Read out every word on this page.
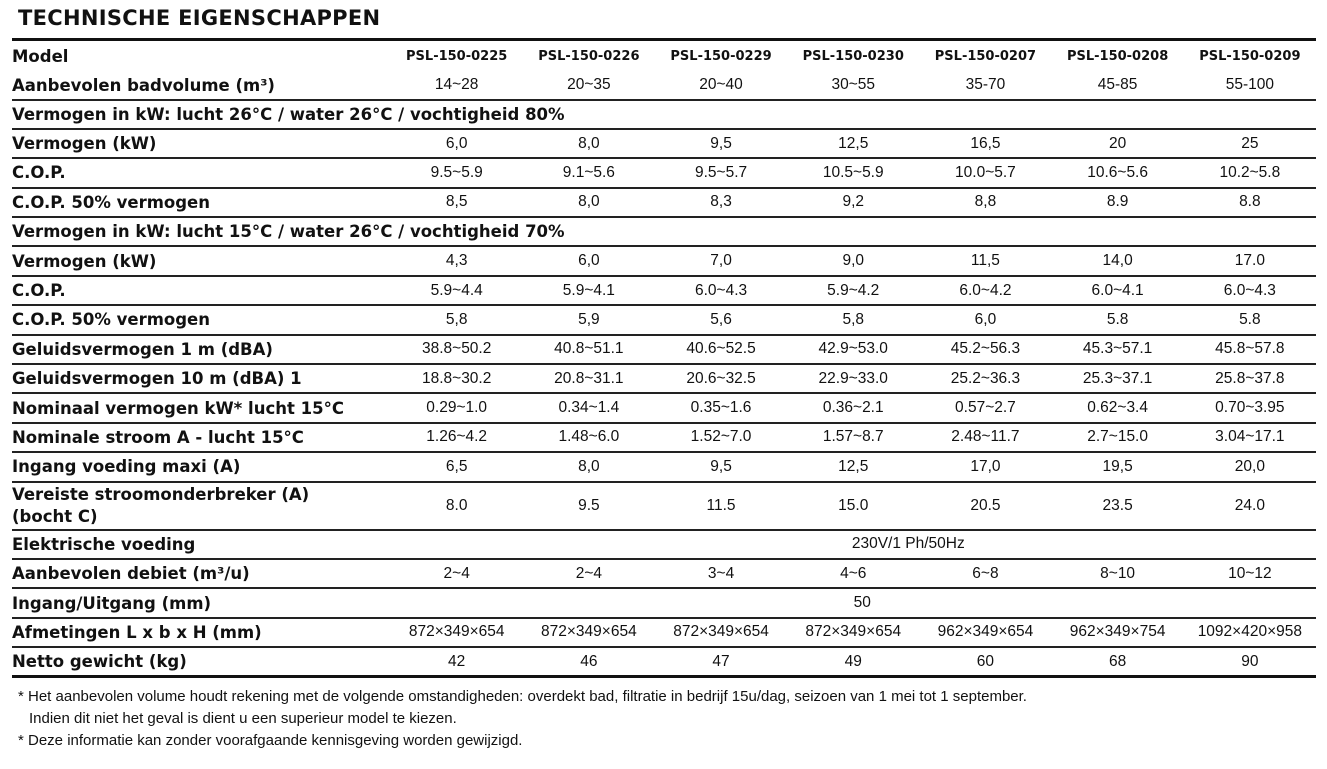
TECHNISCHE EIGENSCHAPPEN
Model	PSL-150-0225	PSL-150-0226	PSL-150-0229	PSL-150-0230	PSL-150-0207	PSL-150-0208	PSL-150-0209
Aanbevolen badvolume (m³)	14~28	20~35	20~40	30~55	35-70	45-85	55-100
Vermogen in kW: lucht 26°C / water 26°C / vochtigheid 80%							
Vermogen (kW)	6,0	8,0	9,5	12,5	16,5	20	25
C.O.P.	9.5~5.9	9.1~5.6	9.5~5.7	10.5~5.9	10.0~5.7	10.6~5.6	10.2~5.8
C.O.P. 50% vermogen	8,5	8,0	8,3	9,2	8,8	8.9	8.8
Vermogen in kW: lucht 15°C / water 26°C / vochtigheid 70%							
Vermogen (kW)	4,3	6,0	7,0	9,0	11,5	14,0	17.0
C.O.P.	5.9~4.4	5.9~4.1	6.0~4.3	5.9~4.2	6.0~4.2	6.0~4.1	6.0~4.3
C.O.P. 50% vermogen	5,8	5,9	5,6	5,8	6,0	5.8	5.8
Geluidsvermogen 1 m (dBA)	38.8~50.2	40.8~51.1	40.6~52.5	42.9~53.0	45.2~56.3	45.3~57.1	45.8~57.8
Geluidsvermogen 10 m (dBA) 1	18.8~30.2	20.8~31.1	20.6~32.5	22.9~33.0	25.2~36.3	25.3~37.1	25.8~37.8
Nominaal vermogen kW* lucht 15°C	0.29~1.0	0.34~1.4	0.35~1.6	0.36~2.1	0.57~2.7	0.62~3.4	0.70~3.95
Nominale stroom A - lucht 15°C	1.26~4.2	1.48~6.0	1.52~7.0	1.57~8.7	2.48~11.7	2.7~15.0	3.04~17.1
Ingang voeding maxi (A)	6,5	8,0	9,5	12,5	17,0	19,5	20,0
Vereiste stroomonderbreker (A)
(bocht C)	8.0	9.5	11.5	15.0	20.5	23.5	24.0
Elektrische voeding	230V/1 Ph/50Hz						
Aanbevolen debiet (m³/u)	2~4	2~4	3~4	4~6	6~8	8~10	10~12
Ingang/Uitgang (mm)	50						
Afmetingen L x b x H (mm)	872×349×654	872×349×654	872×349×654	872×349×654	962×349×654	962×349×754	1092×420×958
Netto gewicht (kg)	42	46	47	49	60	68	90
* Het aanbevolen volume houdt rekening met de volgende omstandigheden: overdekt bad, filtratie in bedrijf 15u/dag, seizoen van 1 mei tot 1 september.
Indien dit niet het geval is dient u een superieur model te kiezen.
* Deze informatie kan zonder voorafgaande kennisgeving worden gewijzigd.
